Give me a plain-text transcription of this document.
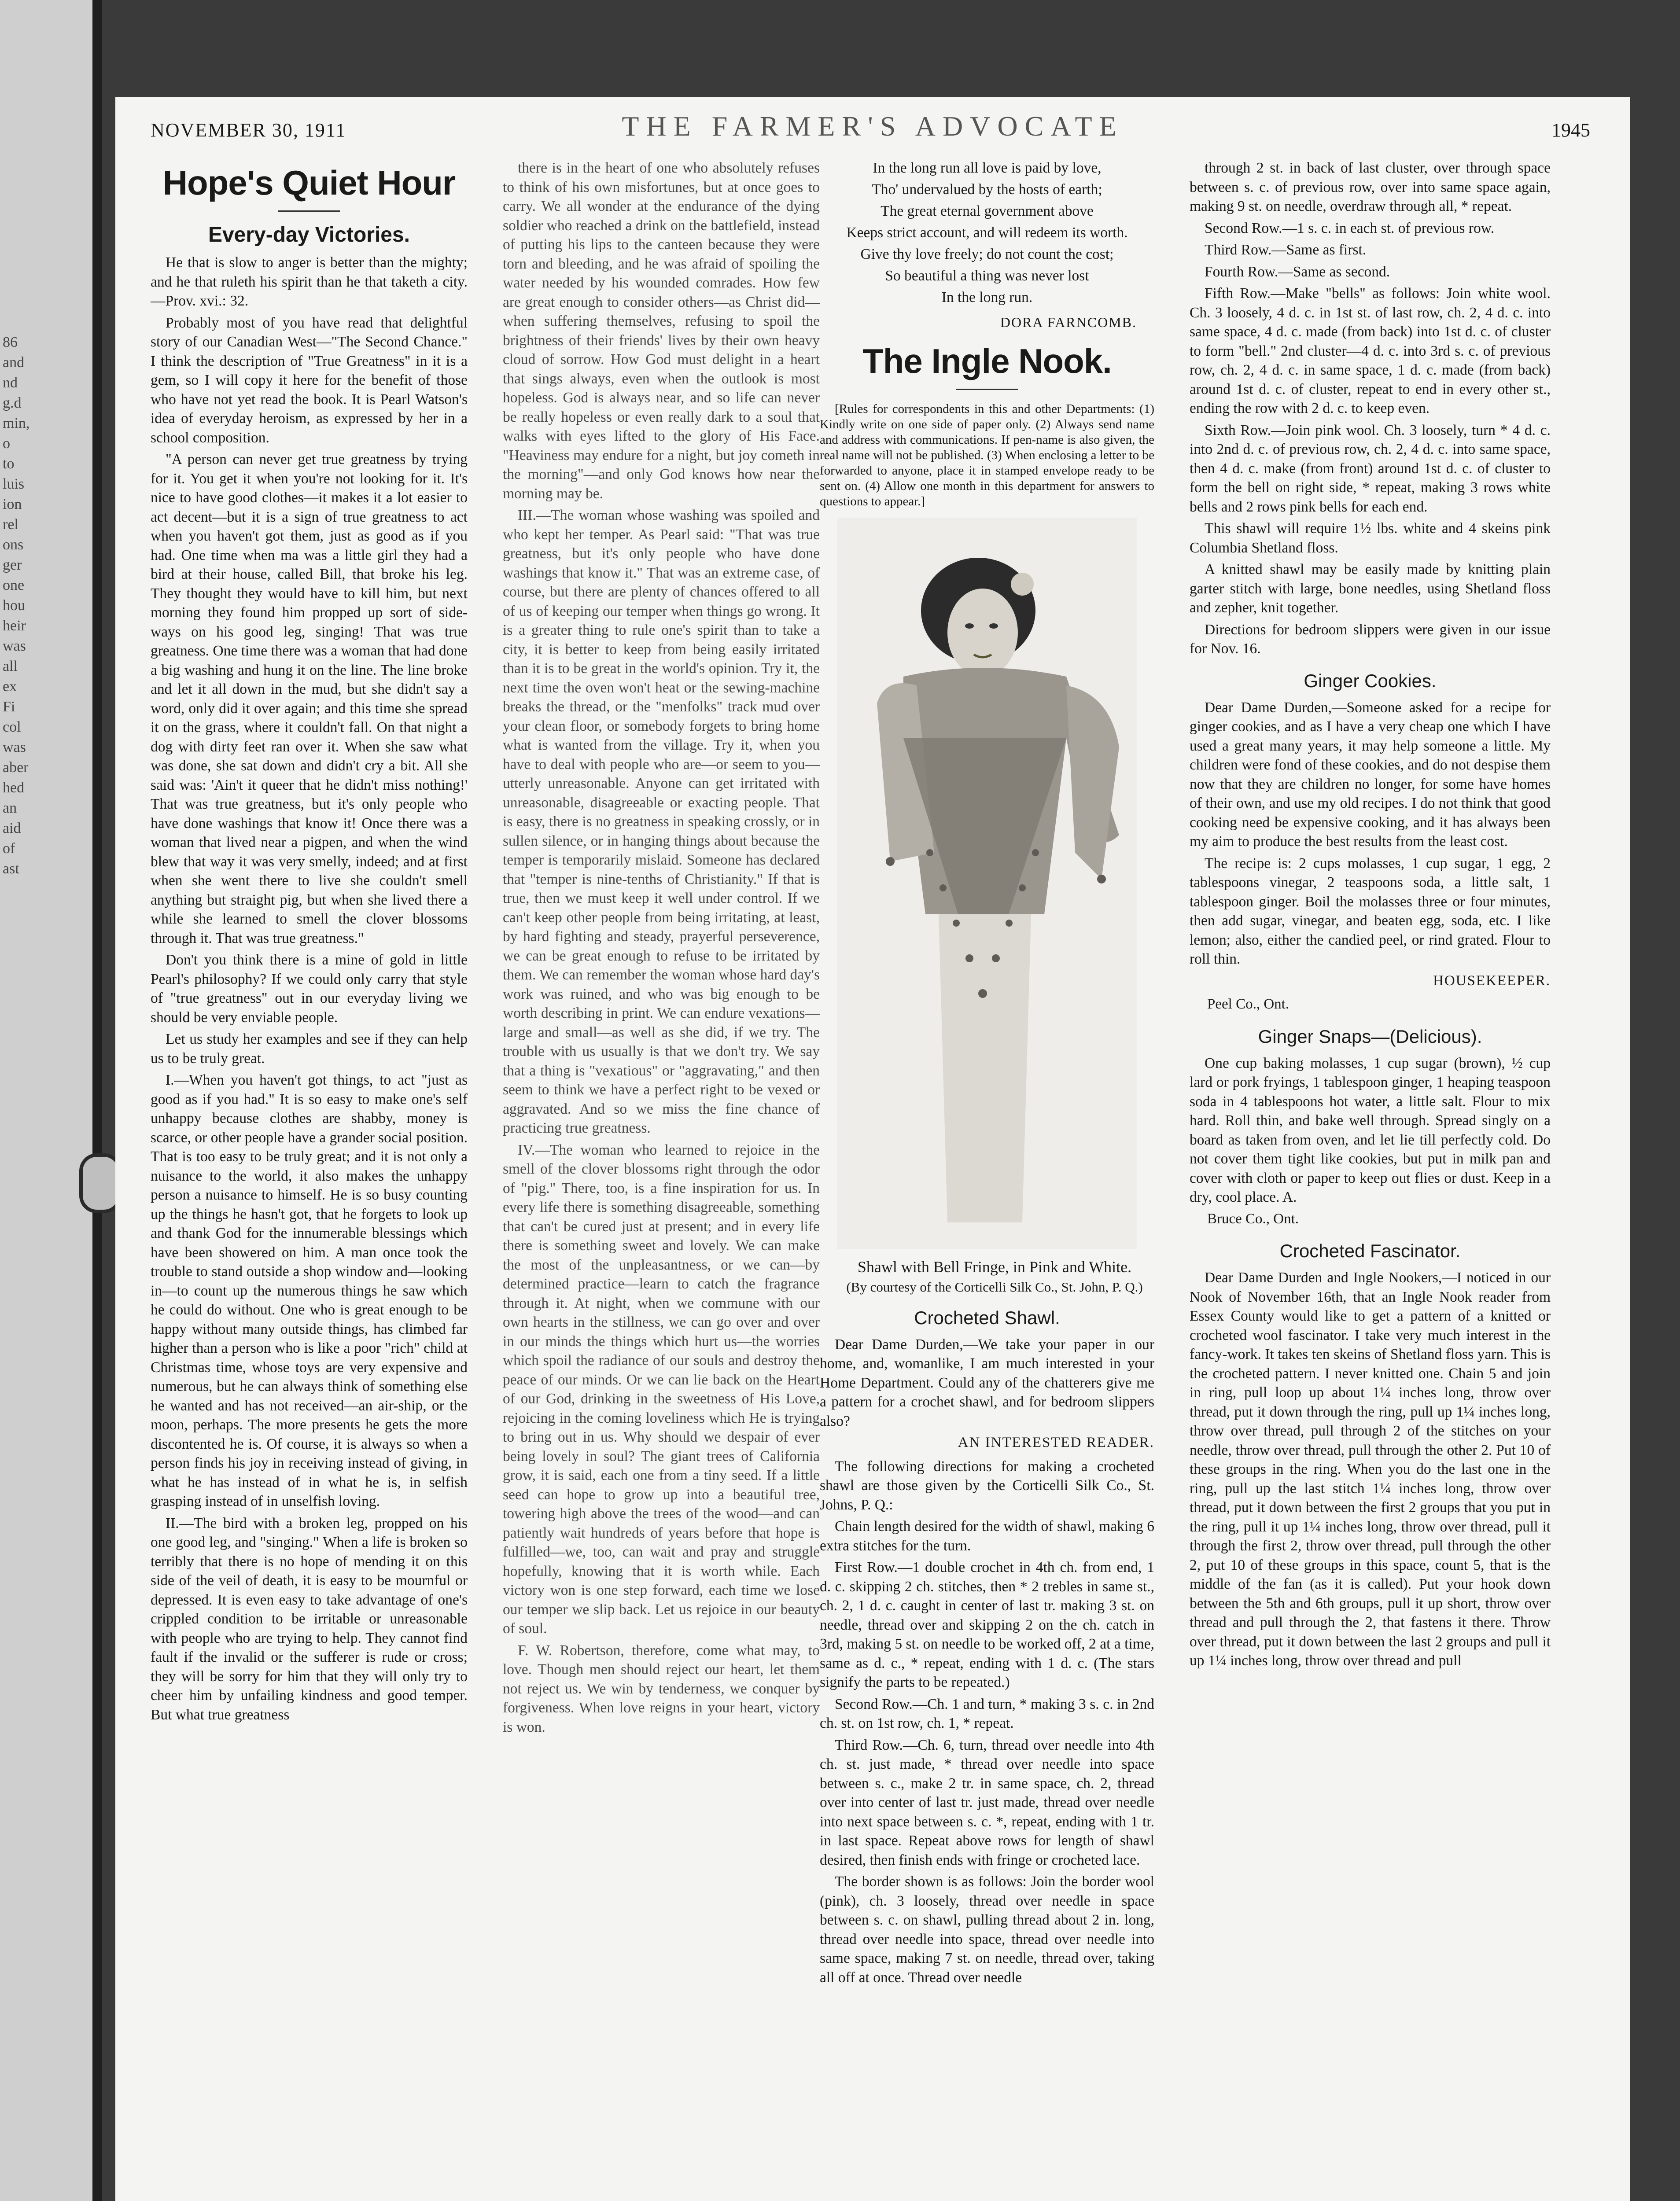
86
and
nd
g.d
min,
o
to
luis
ion
rel
ons
ger
one
hou
heir
was
all
ex
Fi
col
was
aber
hed
an
aid
of
ast
NOVEMBER 30, 1911	THE FARMER'S ADVOCATE	1945
Hope's Quiet Hour
Every-day Victories.

He that is slow to anger is better than the mighty; and he that ruleth his spirit than he that taketh a city.—Prov. xvi.: 32.

Probably most of you have read that delightful story of our Canadian West—"The Second Chance." I think the description of "True Greatness" in it is a gem, so I will copy it here for the benefit of those who have not yet read the book. It is Pearl Watson's idea of everyday heroism, as expressed by her in a school composition.

"A person can never get true greatness by trying for it. You get it when you're not looking for it. It's nice to have good clothes—it makes it a lot easier to act decent—but it is a sign of true greatness to act when you haven't got them, just as good as if you had. One time when ma was a little girl they had a bird at their house, called Bill, that broke his leg. They thought they would have to kill him, but next morning they found him propped up sort of side-ways on his good leg, singing! That was true greatness. One time there was a woman that had done a big washing and hung it on the line. The line broke and let it all down in the mud, but she didn't say a word, only did it over again; and this time she spread it on the grass, where it couldn't fall. On that night a dog with dirty feet ran over it. When she saw what was done, she sat down and didn't cry a bit. All she said was: 'Ain't it queer that he didn't miss nothing!' That was true greatness, but it's only people who have done washings that know it! Once there was a woman that lived near a pigpen, and when the wind blew that way it was very smelly, indeed; and at first when she went there to live she couldn't smell anything but straight pig, but when she lived there a while she learned to smell the clover blossoms through it. That was true greatness."

Don't you think there is a mine of gold in little Pearl's philosophy? If we could only carry that style of "true greatness" out in our everyday living we should be very enviable people.

Let us study her examples and see if they can help us to be truly great.

I.—When you haven't got things, to act "just as good as if you had." It is so easy to make one's self unhappy because clothes are shabby, money is scarce, or other people have a grander social position. That is too easy to be truly great; and it is not only a nuisance to the world, it also makes the unhappy person a nuisance to himself. He is so busy counting up the things he hasn't got, that he forgets to look up and thank God for the innumerable blessings which have been showered on him. A man once took the trouble to stand outside a shop window and—looking in—to count up the numerous things he saw which he could do without. One who is great enough to be happy without many outside things, has climbed far higher than a person who is like a poor "rich" child at Christmas time, whose toys are very expensive and numerous, but he can always think of something else he wanted and has not received—an air-ship, or the moon, perhaps. The more presents he gets the more discontented he is. Of course, it is always so when a person finds his joy in receiving instead of giving, in what he has instead of in what he is, in selfish grasping instead of in unselfish loving.

II.—The bird with a broken leg, propped on his one good leg, and "singing." When a life is broken so terribly that there is no hope of mending it on this side of the veil of death, it is easy to be mournful or depressed. It is even easy to take advantage of one's crippled condition to be irritable or unreasonable with people who are trying to help. They cannot find fault if the invalid or the sufferer is rude or cross; they will be sorry for him that they will only try to cheer him by unfailing kindness and good temper. But what true greatness

there is in the heart of one who absolutely refuses to think of his own misfortunes, but at once goes to carry. We all wonder at the endurance of the dying soldier who reached a drink on the battlefield, instead of putting his lips to the canteen because they were torn and bleeding, and he was afraid of spoiling the water needed by his wounded comrades. How few are great enough to consider others—as Christ did—when suffering themselves, refusing to spoil the brightness of their friends' lives by their own heavy cloud of sorrow. How God must delight in a heart that sings always, even when the outlook is most hopeless. God is always near, and so life can never be really hopeless or even really dark to a soul that walks with eyes lifted to the glory of His Face. "Heaviness may endure for a night, but joy cometh in the morning"—and only God knows how near the morning may be.

III.—The woman whose washing was spoiled and who kept her temper. As Pearl said: "That was true greatness, but it's only people who have done washings that know it." That was an extreme case, of course, but there are plenty of chances offered to all of us of keeping our temper when things go wrong. It is a greater thing to rule one's spirit than to take a city, it is better to keep from being easily irritated than it is to be great in the world's opinion. Try it, the next time the oven won't heat or the sewing-machine breaks the thread, or the "menfolks" track mud over your clean floor, or somebody forgets to bring home what is wanted from the village. Try it, when you have to deal with people who are—or seem to you—utterly unreasonable. Anyone can get irritated with unreasonable, disagreeable or exacting people. That is easy, there is no greatness in speaking crossly, or in sullen silence, or in hanging things about because the temper is temporarily mislaid. Someone has declared that "temper is nine-tenths of Christianity." If that is true, then we must keep it well under control. If we can't keep other people from being irritating, at least, by hard fighting and steady, prayerful perseverence, we can be great enough to refuse to be irritated by them. We can remember the woman whose hard day's work was ruined, and who was big enough to be worth describing in print. We can endure vexations—large and small—as well as she did, if we try. The trouble with us usually is that we don't try. We say that a thing is "vexatious" or "aggravating," and then seem to think we have a perfect right to be vexed or aggravated. And so we miss the fine chance of practicing true greatness.

IV.—The woman who learned to rejoice in the smell of the clover blossoms right through the odor of "pig." There, too, is a fine inspiration for us. In every life there is something disagreeable, something that can't be cured just at present; and in every life there is something sweet and lovely. We can make the most of the unpleasantness, or we can—by determined practice—learn to catch the fragrance through it. At night, when we commune with our own hearts in the stillness, we can go over and over in our minds the things which hurt us—the worries which spoil the radiance of our souls and destroy the peace of our minds. Or we can lie back on the Heart of our God, drinking in the sweetness of His Love, rejoicing in the coming loveliness which He is trying to bring out in us. Why should we despair of ever being lovely in soul? The giant trees of California grow, it is said, each one from a tiny seed. If a little seed can hope to grow up into a beautiful tree, towering high above the trees of the wood—and can patiently wait hundreds of years before that hope is fulfilled—we, too, can wait and pray and struggle hopefully, knowing that it is worth while. Each victory won is one step forward, each time we lose our temper we slip back. Let us rejoice in our beauty of soul.

F. W. Robertson, therefore, come what may, to love. Though men should reject our heart, let them not reject us. We win by tenderness, we conquer by forgiveness. When love reigns in your heart, victory is won.

In the long run all love is paid by love,

Tho' undervalued by the hosts of earth;

The great eternal government above

Keeps strict account, and will redeem its worth.

Give thy love freely; do not count the cost;

So beautiful a thing was never lost

In the long run.

DORA FARNCOMB.
The Ingle Nook.

[Rules for correspondents in this and other Departments: (1) Kindly write on one side of paper only. (2) Always send name and address with communications. If pen-name is also given, the real name will not be published. (3) When enclosing a letter to be forwarded to anyone, place it in stamped envelope ready to be sent on. (4) Allow one month in this department for answers to questions to appear.]

Shawl with Bell Fringe, in Pink and White.

(By courtesy of the Corticelli Silk Co., St. John, P. Q.)

Crocheted Shawl.

Dear Dame Durden,—We take your paper in our home, and, womanlike, I am much interested in your Home Department. Could any of the chatterers give me a pattern for a crochet shawl, and for bedroom slippers also?

AN INTERESTED READER.

The following directions for making a crocheted shawl are those given by the Corticelli Silk Co., St. Johns, P. Q.:

Chain length desired for the width of shawl, making 6 extra stitches for the turn.

First Row.—1 double crochet in 4th ch. from end, 1 d. c. skipping 2 ch. stitches, then * 2 trebles in same st., ch. 2, 1 d. c. caught in center of last tr. making 3 st. on needle, thread over and skipping 2 on the ch. catch in 3rd, making 5 st. on needle to be worked off, 2 at a time, same as d. c., * repeat, ending with 1 d. c. (The stars signify the parts to be repeated.)

Second Row.—Ch. 1 and turn, * making 3 s. c. in 2nd ch. st. on 1st row, ch. 1, * repeat.

Third Row.—Ch. 6, turn, thread over needle into 4th ch. st. just made, * thread over needle into space between s. c., make 2 tr. in same space, ch. 2, thread over into center of last tr. just made, thread over needle into next space between s. c. *, repeat, ending with 1 tr. in last space. Repeat above rows for length of shawl desired, then finish ends with fringe or crocheted lace.

The border shown is as follows: Join the border wool (pink), ch. 3 loosely, thread over needle in space between s. c. on shawl, pulling thread about 2 in. long, thread over needle into space, thread over needle into same space, making 7 st. on needle, thread over, taking all off at once. Thread over needle

through 2 st. in back of last cluster, over through space between s. c. of previous row, over into same space again, making 9 st. on needle, overdraw through all, * repeat.

Second Row.—1 s. c. in each st. of previous row.

Third Row.—Same as first.

Fourth Row.—Same as second.

Fifth Row.—Make "bells" as follows: Join white wool. Ch. 3 loosely, 4 d. c. in 1st st. of last row, ch. 2, 4 d. c. into same space, 4 d. c. made (from back) into 1st d. c. of cluster to form "bell." 2nd cluster—4 d. c. into 3rd s. c. of previous row, ch. 2, 4 d. c. in same space, 1 d. c. made (from back) around 1st d. c. of cluster, repeat to end in every other st., ending the row with 2 d. c. to keep even.

Sixth Row.—Join pink wool. Ch. 3 loosely, turn * 4 d. c. into 2nd d. c. of previous row, ch. 2, 4 d. c. into same space, then 4 d. c. make (from front) around 1st d. c. of cluster to form the bell on right side, * repeat, making 3 rows white bells and 2 rows pink bells for each end.

This shawl will require 1½ lbs. white and 4 skeins pink Columbia Shetland floss.

A knitted shawl may be easily made by knitting plain garter stitch with large, bone needles, using Shetland floss and zepher, knit together.

Directions for bedroom slippers were given in our issue for Nov. 16.

Ginger Cookies.

Dear Dame Durden,—Someone asked for a recipe for ginger cookies, and as I have a very cheap one which I have used a great many years, it may help someone a little. My children were fond of these cookies, and do not despise them now that they are children no longer, for some have homes of their own, and use my old recipes. I do not think that good cooking need be expensive cooking, and it has always been my aim to produce the best results from the least cost.

The recipe is: 2 cups molasses, 1 cup sugar, 1 egg, 2 tablespoons vinegar, 2 teaspoons soda, a little salt, 1 tablespoon ginger. Boil the molasses three or four minutes, then add sugar, vinegar, and beaten egg, soda, etc. I like lemon; also, either the candied peel, or rind grated. Flour to roll thin.

HOUSEKEEPER.
Peel Co., Ont.
Ginger Snaps—(Delicious).

One cup baking molasses, 1 cup sugar (brown), ½ cup lard or pork fryings, 1 tablespoon ginger, 1 heaping teaspoon soda in 4 tablespoons hot water, a little salt. Flour to mix hard. Roll thin, and bake well through. Spread singly on a board as taken from oven, and let lie till perfectly cold. Do not cover them tight like cookies, but put in milk pan and cover with cloth or paper to keep out flies or dust. Keep in a dry, cool place. A.

Bruce Co., Ont.
Crocheted Fascinator.

Dear Dame Durden and Ingle Nookers,—I noticed in our Nook of November 16th, that an Ingle Nook reader from Essex County would like to get a pattern of a knitted or crocheted wool fascinator. I take very much interest in the fancy-work. It takes ten skeins of Shetland floss yarn. This is the crocheted pattern. I never knitted one. Chain 5 and join in ring, pull loop up about 1¼ inches long, throw over thread, put it down through the ring, pull up 1¼ inches long, throw over thread, pull through 2 of the stitches on your needle, throw over thread, pull through the other 2. Put 10 of these groups in the ring. When you do the last one in the ring, pull up the last stitch 1¼ inches long, throw over thread, put it down between the first 2 groups that you put in the ring, pull it up 1¼ inches long, throw over thread, pull it through the first 2, throw over thread, pull through the other 2, put 10 of these groups in this space, count 5, that is the middle of the fan (as it is called). Put your hook down between the 5th and 6th groups, pull it up short, throw over thread and pull through the 2, that fastens it there. Throw over thread, put it down between the last 2 groups and pull it up 1¼ inches long, throw over thread and pull
